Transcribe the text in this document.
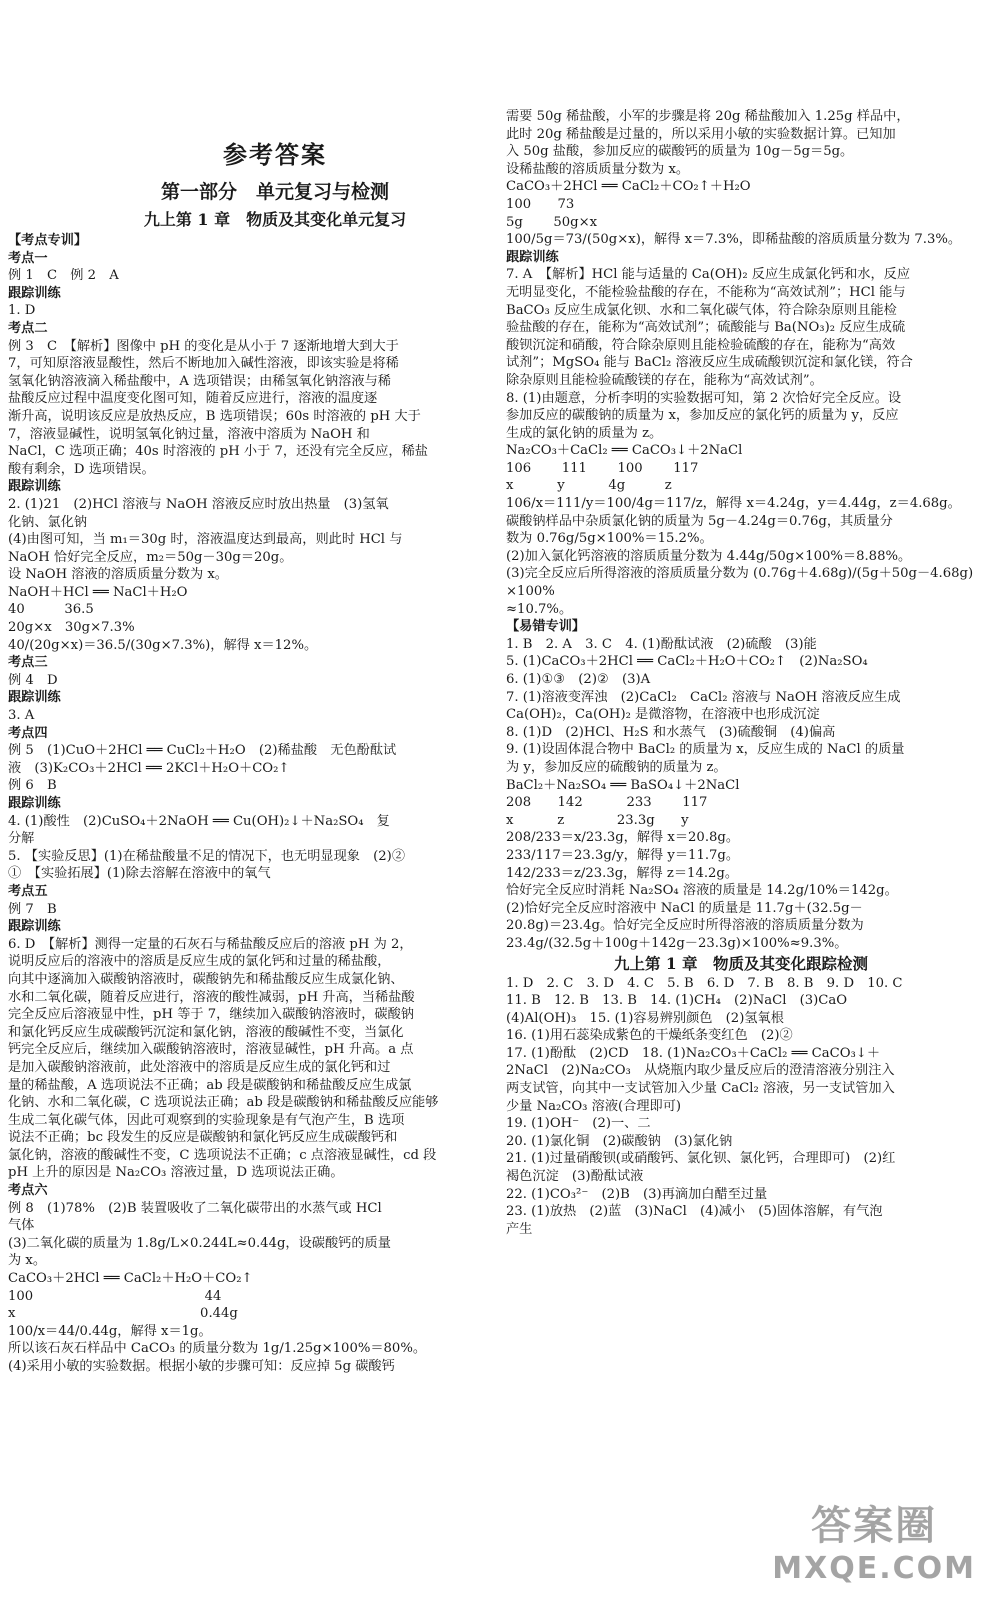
参考答案
第一部分　单元复习与检测
九上第 1 章　物质及其变化单元复习
【考点专训】
考点一
例 1　C　例 2　A
跟踪训练
1. D
考点二
例 3　C　【解析】图像中 pH 的变化是从小于 7 逐渐地增大到大于
7，可知原溶液显酸性，然后不断地加入碱性溶液，即该实验是将稀
氢氧化钠溶液滴入稀盐酸中，A 选项错误；由稀氢氧化钠溶液与稀
盐酸反应过程中温度变化图可知，随着反应进行，溶液的温度逐
渐升高，说明该反应是放热反应，B 选项错误；60s 时溶液的 pH 大于
7，溶液显碱性，说明氢氧化钠过量，溶液中溶质为 NaOH 和
NaCl，C 选项正确；40s 时溶液的 pH 小于 7，还没有完全反应，稀盐
酸有剩余，D 选项错误。
跟踪训练
2. (1)21　(2)HCl 溶液与 NaOH 溶液反应时放出热量　(3)氢氧
化钠、氯化钠
(4)由图可知，当 m₁＝30g 时，溶液温度达到最高，则此时 HCl 与
NaOH 恰好完全反应，m₂＝50g－30g＝20g。
设 NaOH 溶液的溶质质量分数为 x。
NaOH＋HCl ══ NaCl＋H₂O
40　　　36.5
20g×x　30g×7.3%
40/(20g×x)＝36.5/(30g×7.3%)，解得 x＝12%。
考点三
例 4　D
跟踪训练
3. A
考点四
例 5　(1)CuO＋2HCl ══ CuCl₂＋H₂O　(2)稀盐酸　无色酚酞试
液　(3)K₂CO₃＋2HCl ══ 2KCl＋H₂O＋CO₂↑
例 6　B
跟踪训练
4. (1)酸性　(2)CuSO₄＋2NaOH ══ Cu(OH)₂↓＋Na₂SO₄　复
分解
5. 【实验反思】(1)在稀盐酸量不足的情况下，也无明显现象　(2)②
①　【实验拓展】(1)除去溶解在溶液中的氧气
考点五
例 7　B
跟踪训练
6. D　【解析】测得一定量的石灰石与稀盐酸反应后的溶液 pH 为 2，
说明反应后的溶液中的溶质是反应生成的氯化钙和过量的稀盐酸，
向其中逐滴加入碳酸钠溶液时，碳酸钠先和稀盐酸反应生成氯化钠、
水和二氧化碳，随着反应进行，溶液的酸性减弱，pH 升高，当稀盐酸
完全反应后溶液显中性，pH 等于 7，继续加入碳酸钠溶液时，碳酸钠
和氯化钙反应生成碳酸钙沉淀和氯化钠，溶液的酸碱性不变，当氯化
钙完全反应后，继续加入碳酸钠溶液时，溶液显碱性，pH 升高。a 点
是加入碳酸钠溶液前，此处溶液中的溶质是反应生成的氯化钙和过
量的稀盐酸，A 选项说法不正确；ab 段是碳酸钠和稀盐酸反应生成氯
化钠、水和二氧化碳，C 选项说法正确；ab 段是碳酸钠和稀盐酸反应能够
生成二氧化碳气体，因此可观察到的实验现象是有气泡产生，B 选项
说法不正确；bc 段发生的反应是碳酸钠和氯化钙反应生成碳酸钙和
氯化钠，溶液的酸碱性不变，C 选项说法不正确；c 点溶液显碱性，cd 段
pH 上升的原因是 Na₂CO₃ 溶液过量，D 选项说法正确。
考点六
例 8　(1)78%　(2)B 装置吸收了二氧化碳带出的水蒸气或 HCl
气体
(3)二氧化碳的质量为 1.8g/L×0.244L≈0.44g，设碳酸钙的质量
为 x。
CaCO₃＋2HCl ══ CaCl₂＋H₂O＋CO₂↑
100　　　　　　　　　　　　　44
x　　　　　　　　　　　　　　0.44g
100/x＝44/0.44g，解得 x＝1g。
所以该石灰石样品中 CaCO₃ 的质量分数为 1g/1.25g×100%＝80%。
(4)采用小敏的实验数据。根据小敏的步骤可知：反应掉 5g 碳酸钙
需要 50g 稀盐酸，小军的步骤是将 20g 稀盐酸加入 1.25g 样品中，
此时 20g 稀盐酸是过量的，所以采用小敏的实验数据计算。已知加
入 50g 盐酸，参加反应的碳酸钙的质量为 10g－5g＝5g。
设稀盐酸的溶质质量分数为 x。
CaCO₃＋2HCl ══ CaCl₂＋CO₂↑＋H₂O
100　　73
5g　　 50g×x
100/5g＝73/(50g×x)，解得 x＝7.3%，即稀盐酸的溶质质量分数为 7.3%。
跟踪训练
7. A　【解析】HCl 能与适量的 Ca(OH)₂ 反应生成氯化钙和水，反应
无明显变化，不能检验盐酸的存在，不能称为“高效试剂”；HCl 能与
BaCO₃ 反应生成氯化钡、水和二氧化碳气体，符合除杂原则且能检
验盐酸的存在，能称为“高效试剂”；硫酸能与 Ba(NO₃)₂ 反应生成硫
酸钡沉淀和硝酸，符合除杂原则且能检验硫酸的存在，能称为“高效
试剂”；MgSO₄ 能与 BaCl₂ 溶液反应生成硫酸钡沉淀和氯化镁，符合
除杂原则且能检验硫酸镁的存在，能称为“高效试剂”。
8. (1)由题意，分析李明的实验数据可知，第 2 次恰好完全反应。设
参加反应的碳酸钠的质量为 x，参加反应的氯化钙的质量为 y，反应
生成的氯化钠的质量为 z。
Na₂CO₃＋CaCl₂ ══ CaCO₃↓＋2NaCl
106　　 111　　 100　　 117
x　　　 y　　　 4g　　　z
106/x＝111/y＝100/4g＝117/z，解得 x＝4.24g，y＝4.44g，z＝4.68g。
碳酸钠样品中杂质氯化钠的质量为 5g－4.24g＝0.76g，其质量分
数为 0.76g/5g×100%＝15.2%。
(2)加入氯化钙溶液的溶质质量分数为 4.44g/50g×100%＝8.88%。
(3)完全反应后所得溶液的溶质质量分数为 (0.76g＋4.68g)/(5g＋50g－4.68g)×100%
≈10.7%。
【易错专训】
1. B　2. A　3. C　4. (1)酚酞试液　(2)硫酸　(3)能
5. (1)CaCO₃＋2HCl ══ CaCl₂＋H₂O＋CO₂↑　(2)Na₂SO₄
6. (1)①③　(2)②　(3)A
7. (1)溶液变浑浊　(2)CaCl₂　CaCl₂ 溶液与 NaOH 溶液反应生成
Ca(OH)₂，Ca(OH)₂ 是微溶物，在溶液中也形成沉淀
8. (1)D　(2)HCl、H₂S 和水蒸气　(3)硫酸铜　(4)偏高
9. (1)设固体混合物中 BaCl₂ 的质量为 x，反应生成的 NaCl 的质量
为 y，参加反应的硫酸钠的质量为 z。
BaCl₂＋Na₂SO₄ ══ BaSO₄↓＋2NaCl
208　　142　　　 233　　 117
x　　　 z　　　　23.3g　　y
208/233＝x/23.3g，解得 x＝20.8g。
233/117＝23.3g/y，解得 y＝11.7g。
142/233＝z/23.3g，解得 z＝14.2g。
恰好完全反应时消耗 Na₂SO₄ 溶液的质量是 14.2g/10%＝142g。
(2)恰好完全反应时溶液中 NaCl 的质量是 11.7g＋(32.5g－
20.8g)＝23.4g。恰好完全反应时所得溶液的溶质质量分数为
23.4g/(32.5g＋100g＋142g－23.3g)×100%≈9.3%。
九上第 1 章　物质及其变化跟踪检测
1. D　2. C　3. D　4. C　5. B　6. D　7. B　8. B　9. D　10. C
11. B　12. B　13. B　14. (1)CH₄　(2)NaCl　(3)CaO
(4)Al(OH)₃　15. (1)容易辨别颜色　(2)氢氧根
16. (1)用石蕊染成紫色的干燥纸条变红色　(2)②
17. (1)酚酞　(2)CD　18. (1)Na₂CO₃＋CaCl₂ ══ CaCO₃↓＋
2NaCl　(2)Na₂CO₃　从烧瓶内取少量反应后的澄清溶液分别注入
两支试管，向其中一支试管加入少量 CaCl₂ 溶液，另一支试管加入
少量 Na₂CO₃ 溶液(合理即可)
19. (1)OH⁻　(2)一、二
20. (1)氯化铜　(2)碳酸钠　(3)氯化钠
21. (1)过量硝酸钡(或硝酸钙、氯化钡、氯化钙，合理即可)　(2)红
褐色沉淀　(3)酚酞试液
22. (1)CO₃²⁻　(2)B　(3)再滴加白醋至过量
23. (1)放热　(2)蓝　(3)NaCl　(4)减小　(5)固体溶解，有气泡
产生
答案圈
MXQE.COM
